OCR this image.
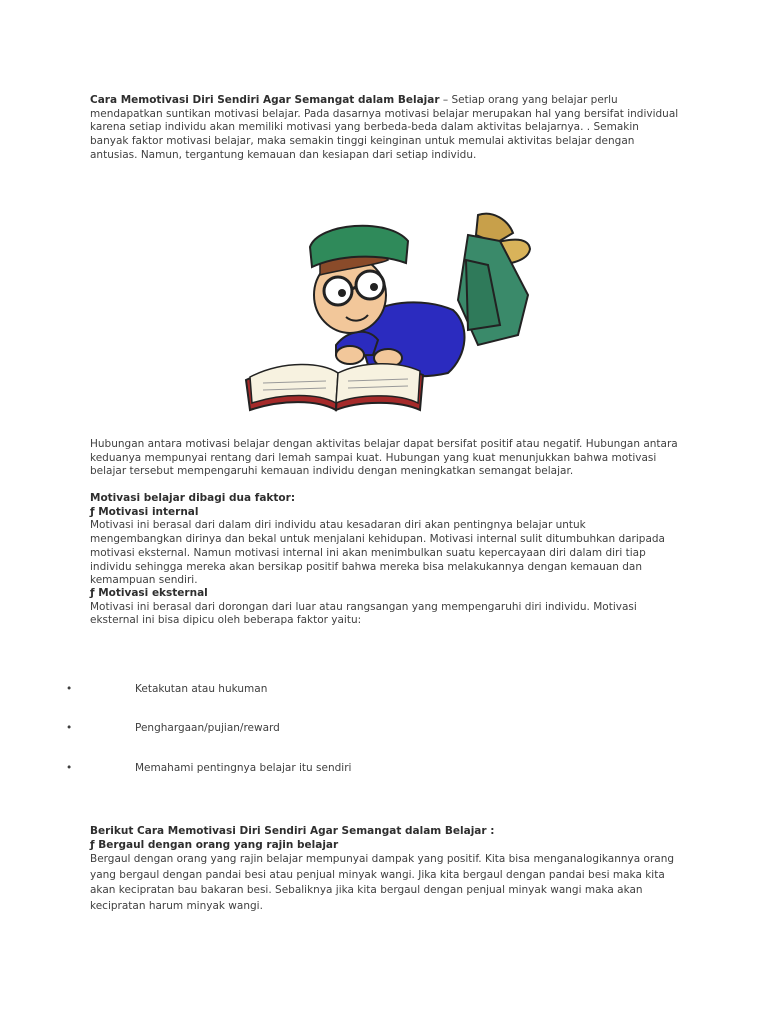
Cara Memotivasi Diri Sendiri Agar Semangat dalam Belajar – Setiap orang yang belajar perlu mendapatkan suntikan motivasi belajar. Pada dasarnya motivasi belajar merupakan hal yang bersifat individual karena setiap individu akan memiliki motivasi yang berbeda-beda dalam aktivitas belajarnya. . Semakin banyak faktor motivasi belajar, maka semakin tinggi keinginan untuk memulai aktivitas belajar dengan antusias. Namun, tergantung kemauan dan kesiapan dari setiap individu.

Hubungan antara motivasi belajar dengan aktivitas belajar dapat bersifat positif atau negatif. Hubungan antara keduanya mempunyai rentang dari lemah sampai kuat. Hubungan yang kuat menunjukkan bahwa motivasi belajar tersebut mempengaruhi kemauan individu dengan meningkatkan semangat belajar.

Motivasi belajar dibagi dua faktor:

ƒ Motivasi internal

Motivasi ini berasal dari dalam diri individu atau kesadaran diri akan pentingnya belajar untuk mengembangkan dirinya dan bekal untuk menjalani kehidupan. Motivasi internal sulit ditumbuhkan daripada motivasi eksternal. Namun motivasi internal ini akan menimbulkan suatu kepercayaan diri dalam diri tiap individu sehingga mereka akan bersikap positif bahwa mereka bisa melakukannya dengan kemauan dan kemampuan sendiri.

ƒ Motivasi eksternal

Motivasi ini berasal dari dorongan dari luar atau rangsangan yang mempengaruhi diri individu. Motivasi eksternal ini bisa dipicu oleh beberapa faktor yaitu:

•	Ketakutan atau hukuman
•	Penghargaan/pujian/reward
•	Memahami pentingnya belajar itu sendiri

Berikut Cara Memotivasi Diri Sendiri Agar Semangat dalam Belajar :

ƒ Bergaul dengan orang yang rajin belajar

Bergaul dengan orang yang rajin belajar mempunyai dampak yang positif. Kita bisa menganalogikannya orang yang bergaul dengan pandai besi atau penjual minyak wangi. Jika kita bergaul dengan pandai besi maka kita akan kecipratan bau bakaran besi. Sebaliknya jika kita bergaul dengan penjual minyak wangi maka akan kecipratan harum minyak wangi.
